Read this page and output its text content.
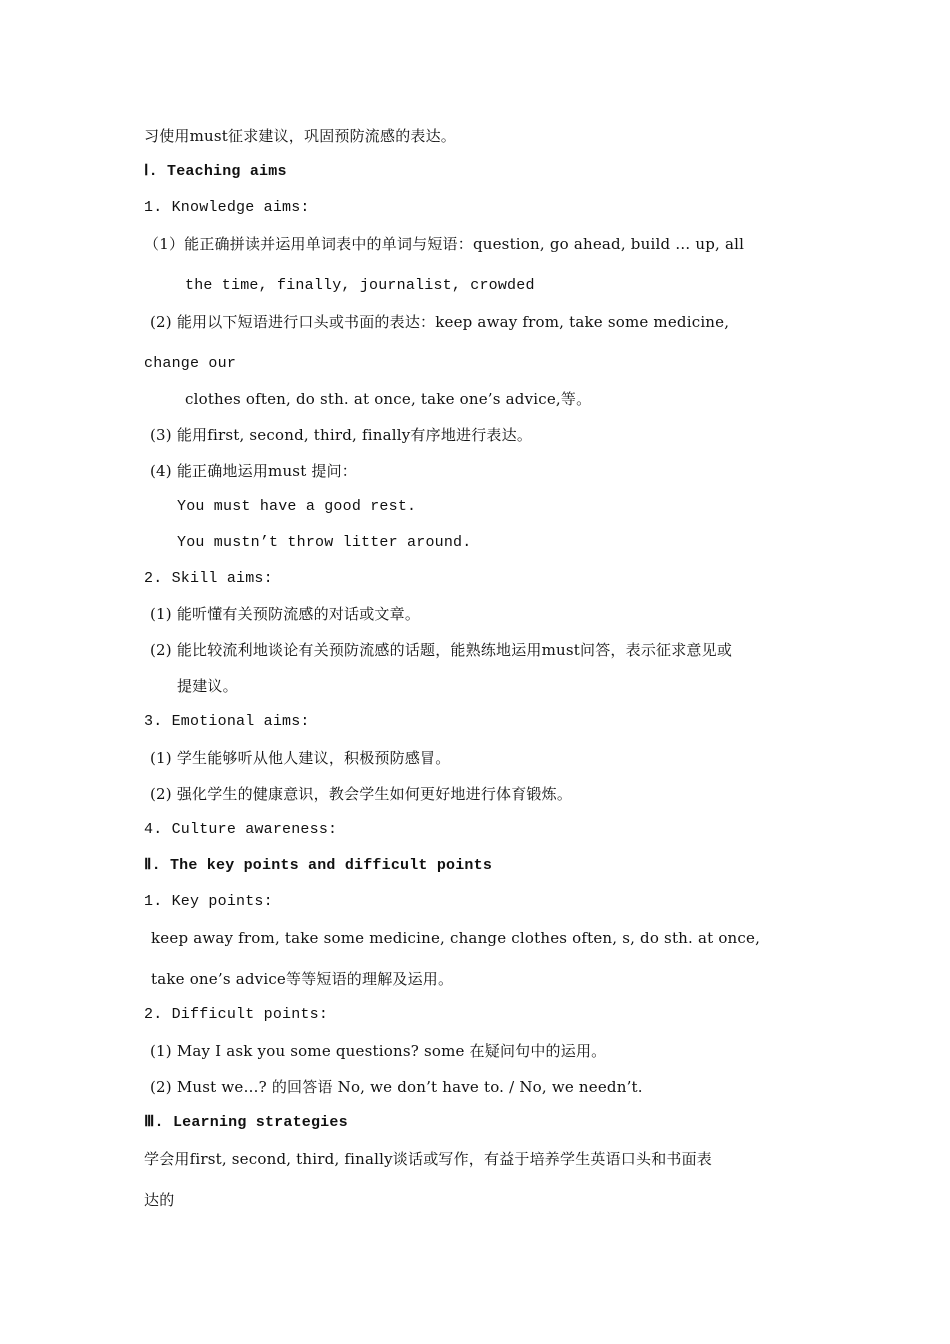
习使用must征求建议，巩固预防流感的表达。
Ⅰ. Teaching aims
1. Knowledge aims:
（1）能正确拼读并运用单词表中的单词与短语：question, go ahead, build … up, all
the time, finally, journalist, crowded
(2) 能用以下短语进行口头或书面的表达：keep away from, take some medicine,
change our
clothes often, do sth. at once, take one’s advice,等。
(3) 能用first, second, third, finally有序地进行表达。
(4) 能正确地运用must 提问：
You must have a good rest.
You mustn’t throw litter around.
2. Skill aims:
(1) 能听懂有关预防流感的对话或文章。
(2) 能比较流利地谈论有关预防流感的话题，能熟练地运用must问答，表示征求意见或
提建议。
3. Emotional aims:
(1) 学生能够听从他人建议，积极预防感冒。
(2) 强化学生的健康意识，教会学生如何更好地进行体育锻炼。
4. Culture awareness:
Ⅱ. The key points and difficult points
1. Key points:
keep away from, take some medicine, change clothes often, s, do sth. at once,
take one’s advice等等短语的理解及运用。
2. Difficult points:
(1) May I ask you some questions? some 在疑问句中的运用。
(2) Must we…? 的回答语 No, we don’t have to. / No, we needn’t.
Ⅲ. Learning strategies
学会用first, second, third, finally谈话或写作，有益于培养学生英语口头和书面表
达的
